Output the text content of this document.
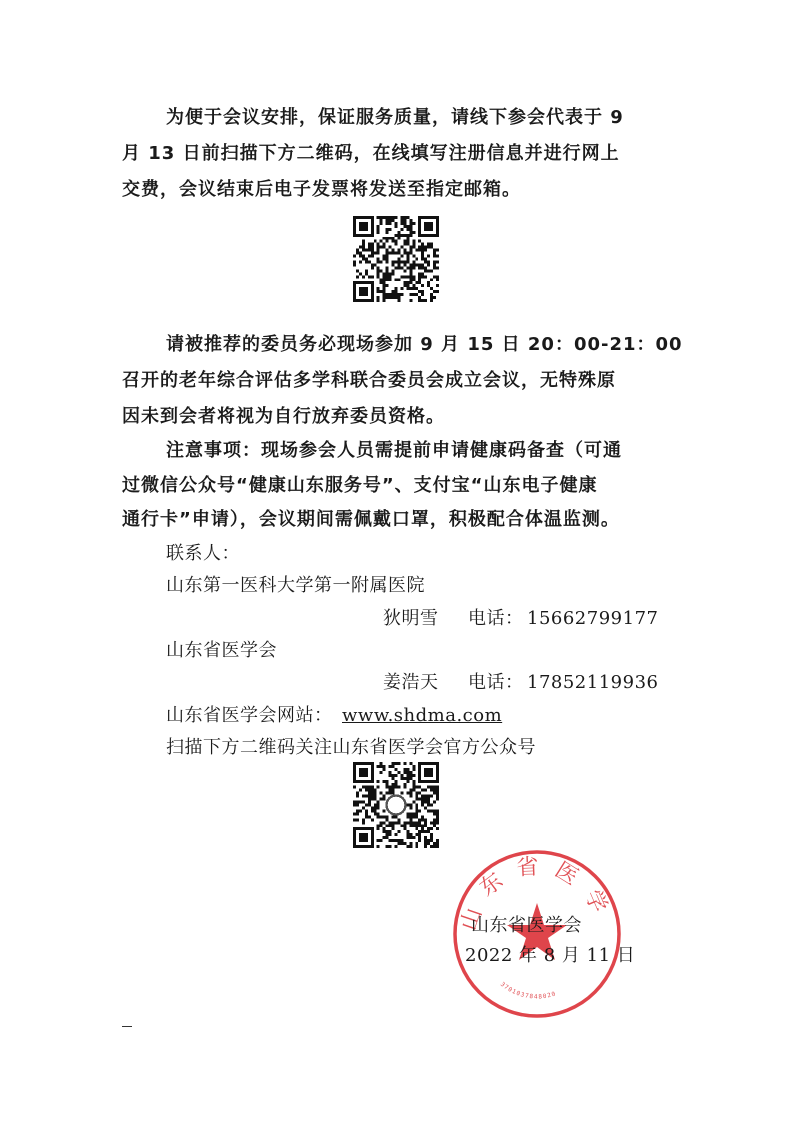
为便于会议安排，保证服务质量，请线下参会代表于 9
月 13 日前扫描下方二维码，在线填写注册信息并进行网上
交费，会议结束后电子发票将发送至指定邮箱。
请被推荐的委员务必现场参加 9 月 15 日 20：00-21：00
召开的老年综合评估多学科联合委员会成立会议，无特殊原
因未到会者将视为自行放弃委员资格。
注意事项：现场参会人员需提前申请健康码备查（可通
过微信公众号“健康山东服务号”、支付宝“山东电子健康
通行卡”申请），会议期间需佩戴口罩，积极配合体温监测。
联系人：
山东第一医科大学第一附属医院
狄明雪 电话： 15662799177
山东省医学会
姜浩天 电话： 17852119936
山东省医学会网站： www.shdma.com
扫描下方二维码关注山东省医学会官方公众号
山东省医学
3701037848020
山东省医学会
2022 年 8 月 11 日
